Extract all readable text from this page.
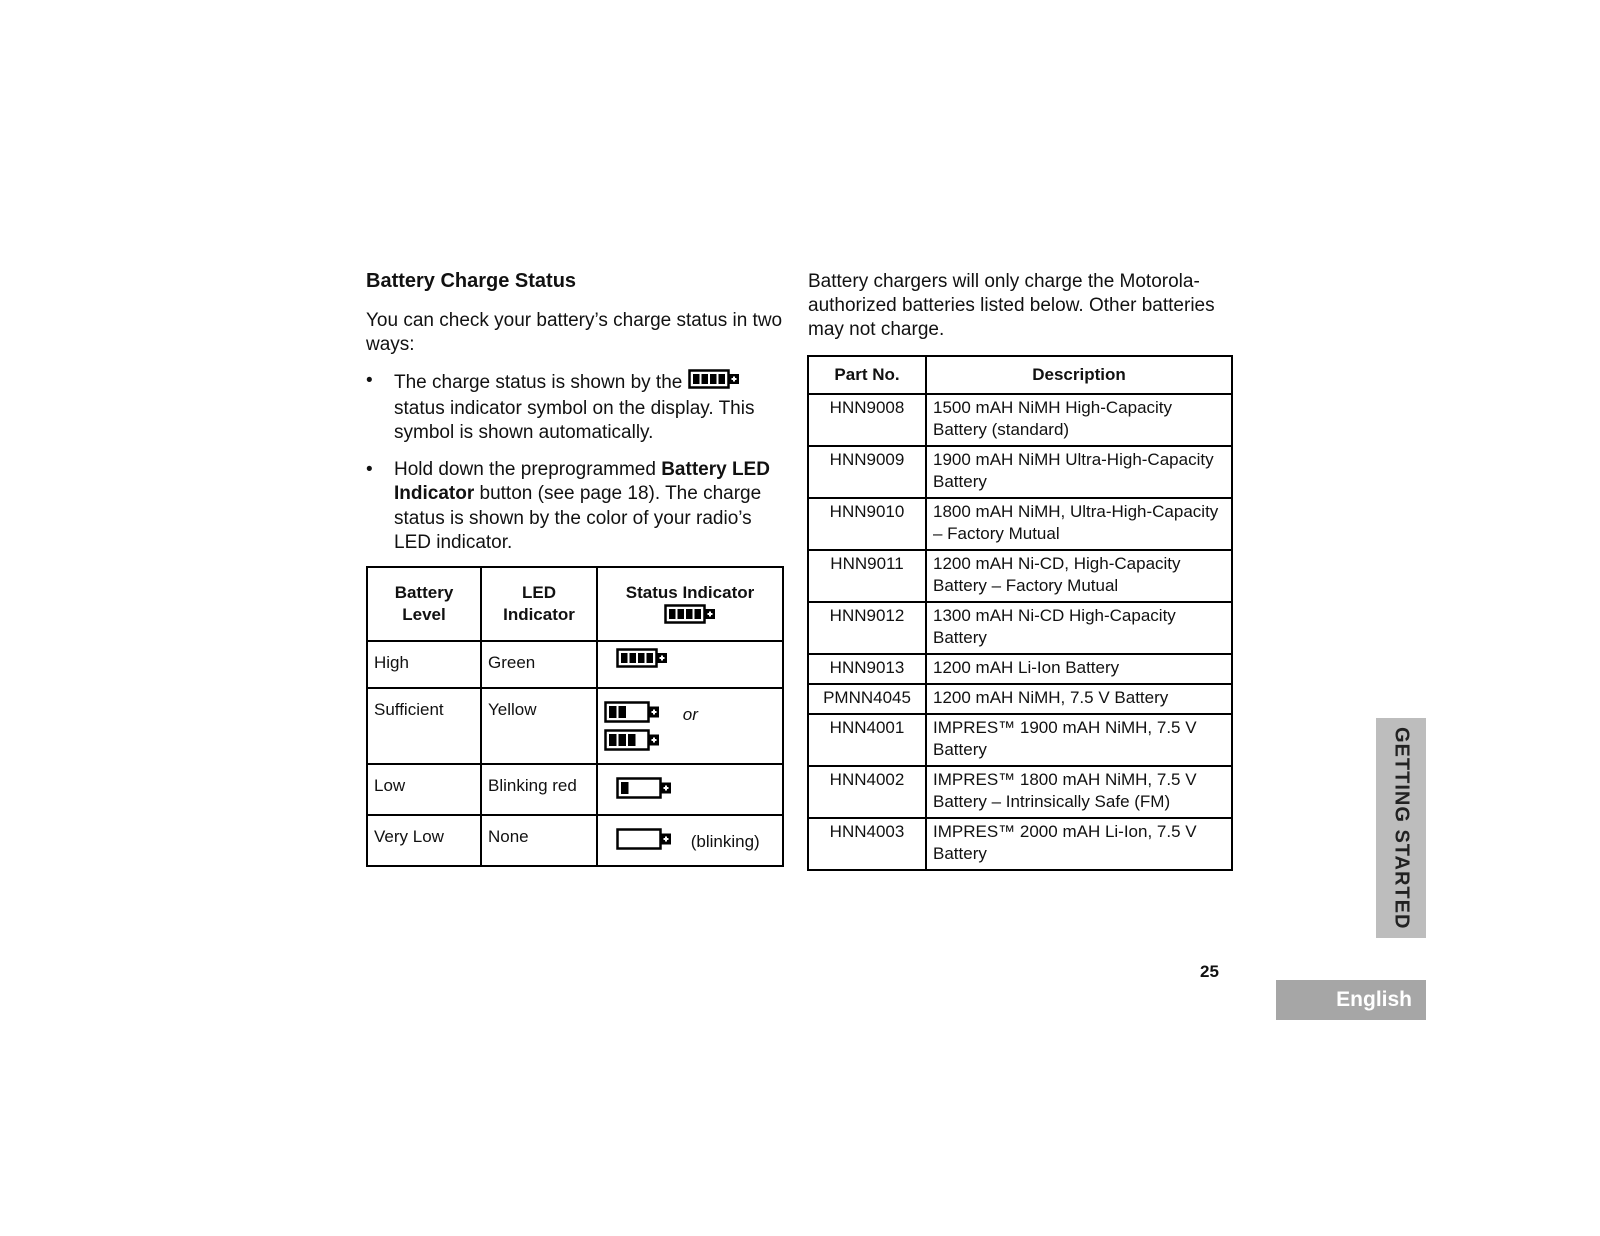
Battery Charge Status

You can check your battery’s charge status in two ways:

• The charge status is shown by the  status indicator symbol on the display. This symbol is shown automatically.
• Hold down the preprogrammed Battery LED Indicator button (see page 18). The charge status is shown by the color of your radio’s LED indicator.
Battery Level	LED Indicator	Status Indicator

High	Green	
Sufficient	Yellow	or
Low	Blinking red	
Very Low	None	(blinking)

Battery chargers will only charge the Motorola-authorized batteries listed below. Other batteries may not charge.

Part No.	Description
HNN9008	1500 mAH NiMH High-Capacity Battery (standard)
HNN9009	1900 mAH NiMH Ultra-High-Capacity Battery
HNN9010	1800 mAH NiMH, Ultra-High-Capacity – Factory Mutual
HNN9011	1200 mAH Ni-CD, High-Capacity Battery – Factory Mutual
HNN9012	1300 mAH Ni-CD High-Capacity Battery
HNN9013	1200 mAH Li-Ion Battery
PMNN4045	1200 mAH NiMH, 7.5 V Battery
HNN4001	IMPRES™ 1900 mAH NiMH, 7.5 V Battery
HNN4002	IMPRES™ 1800 mAH NiMH, 7.5 V Battery – Intrinsically Safe (FM)
HNN4003	IMPRES™ 2000 mAH Li-Ion, 7.5 V Battery	GETTING STARTED
25
English
